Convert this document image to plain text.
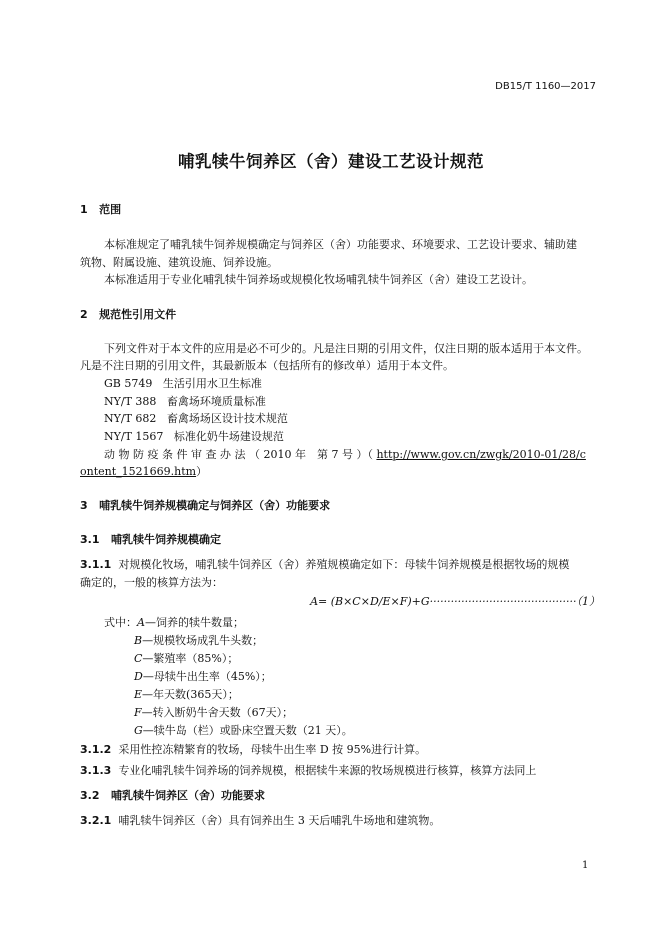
DB15/T 1160—2017
哺乳犊牛饲养区（舍）建设工艺设计规范
1 范围
本标准规定了哺乳犊牛饲养规模确定与饲养区（舍）功能要求、环境要求、工艺设计要求、辅助建
筑物、附属设施、建筑设施、饲养设施。
本标准适用于专业化哺乳犊牛饲养场或规模化牧场哺乳犊牛饲养区（舍）建设工艺设计。
2 规范性引用文件
下列文件对于本文件的应用是必不可少的。凡是注日期的引用文件，仅注日期的版本适用于本文件。
凡是不注日期的引用文件，其最新版本（包括所有的修改单）适用于本文件。
GB 5749 生活引用水卫生标准
NY/T 388 畜禽场环境质量标准
NY/T 682 畜禽场场区设计技术规范
NY/T 1567 标准化奶牛场建设规范
动 物 防 疫 条 件 审 查 办 法 （ 2010 年　第 7 号 ）（ http://www.gov.cn/zwgk/2010-01/28/c
ontent_1521669.htm）
3 哺乳犊牛饲养规模确定与饲养区（舍）功能要求
3.1 哺乳犊牛饲养规模确定
3.1.1 对规模化牧场，哺乳犊牛饲养区（舍）养殖规模确定如下：母犊牛饲养规模是根据牧场的规模
确定的，一般的核算方法为：
A= (B×C×D/E×F)+G··········································（1）
式中：A—饲养的犊牛数量；
B—规模牧场成乳牛头数；
C—繁殖率（85%）；
D—母犊牛出生率（45%）；
E—年天数(365天）；
F—转入断奶牛舍天数（67天）；
G—犊牛岛（栏）或卧床空置天数（21 天）。
3.1.2 采用性控冻精繁育的牧场，母犊牛出生率 D 按 95%进行计算。
3.1.3 专业化哺乳犊牛饲养场的饲养规模，根据犊牛来源的牧场规模进行核算，核算方法同上
3.2 哺乳犊牛饲养区（舍）功能要求
3.2.1 哺乳犊牛饲养区（舍）具有饲养出生 3 天后哺乳牛场地和建筑物。
1
